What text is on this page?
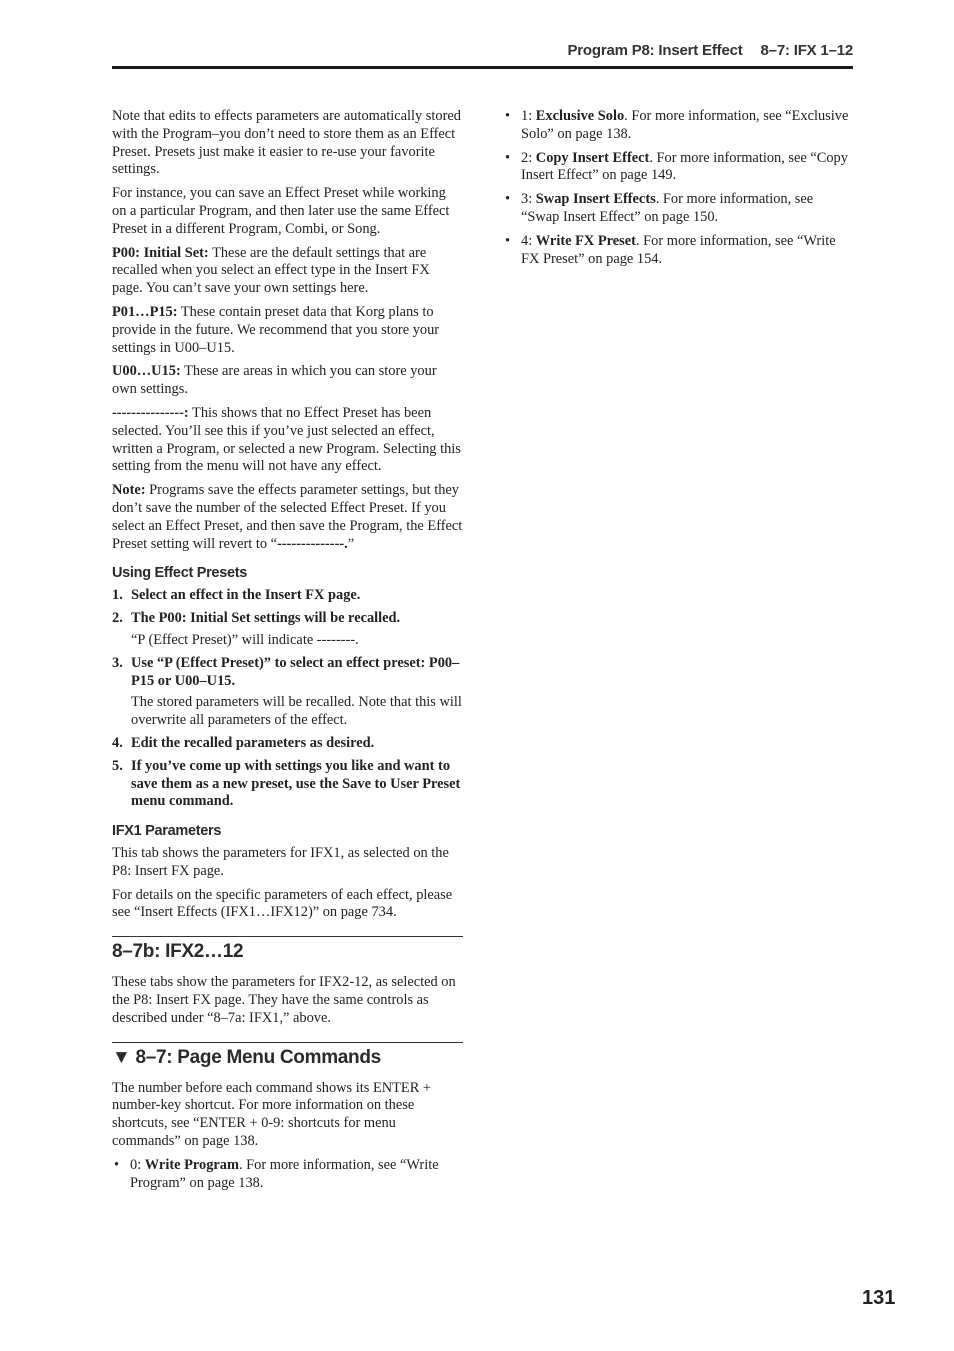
Program P8: Insert Effect 8–7: IFX 1–12

Note that edits to effects parameters are automatically stored with the Program–you don’t need to store them as an Effect Preset. Presets just make it easier to re-use your favorite settings.

For instance, you can save an Effect Preset while working on a particular Program, and then later use the same Effect Preset in a different Program, Combi, or Song.

P00: Initial Set: These are the default settings that are recalled when you select an effect type in the Insert FX page. You can’t save your own settings here.

P01…P15: These contain preset data that Korg plans to provide in the future. We recommend that you store your settings in U00–U15.

U00…U15: These are areas in which you can store your own settings.

---------------: This shows that no Effect Preset has been selected. You’ll see this if you’ve just selected an effect, written a Program, or selected a new Program. Selecting this setting from the menu will not have any effect.

Note: Programs save the effects parameter settings, but they don’t save the number of the selected Effect Preset. If you select an Effect Preset, and then save the Program, the Effect Preset setting will revert to “--------------.”

Using Effect Presets
1. Select an effect in the Insert FX page.
2. The P00: Initial Set settings will be recalled.
“P (Effect Preset)” will indicate --------.
3. Use “P (Effect Preset)” to select an effect preset: P00–P15 or U00–U15.
The stored parameters will be recalled. Note that this will overwrite all parameters of the effect.
4. Edit the recalled parameters as desired.
5. If you’ve come up with settings you like and want to save them as a new preset, use the Save to User Preset menu command.
IFX1 Parameters

This tab shows the parameters for IFX1, as selected on the P8: Insert FX page.

For details on the specific parameters of each effect, please see “Insert Effects (IFX1…IFX12)” on page 734.

8–7b: IFX2…12

These tabs show the parameters for IFX2-12, as selected on the P8: Insert FX page. They have the same controls as described under “8–7a: IFX1,” above.

▼ 8–7: Page Menu Commands

The number before each command shows its ENTER + number-key shortcut. For more information on these shortcuts, see “ENTER + 0-9: shortcuts for menu commands” on page 138.

• 0: Write Program. For more information, see “Write Program” on page 138.
• 1: Exclusive Solo. For more information, see “Exclusive Solo” on page 138.
• 2: Copy Insert Effect. For more information, see “Copy Insert Effect” on page 149.
• 3: Swap Insert Effects. For more information, see “Swap Insert Effect” on page 150.
• 4: Write FX Preset. For more information, see “Write FX Preset” on page 154.
131
